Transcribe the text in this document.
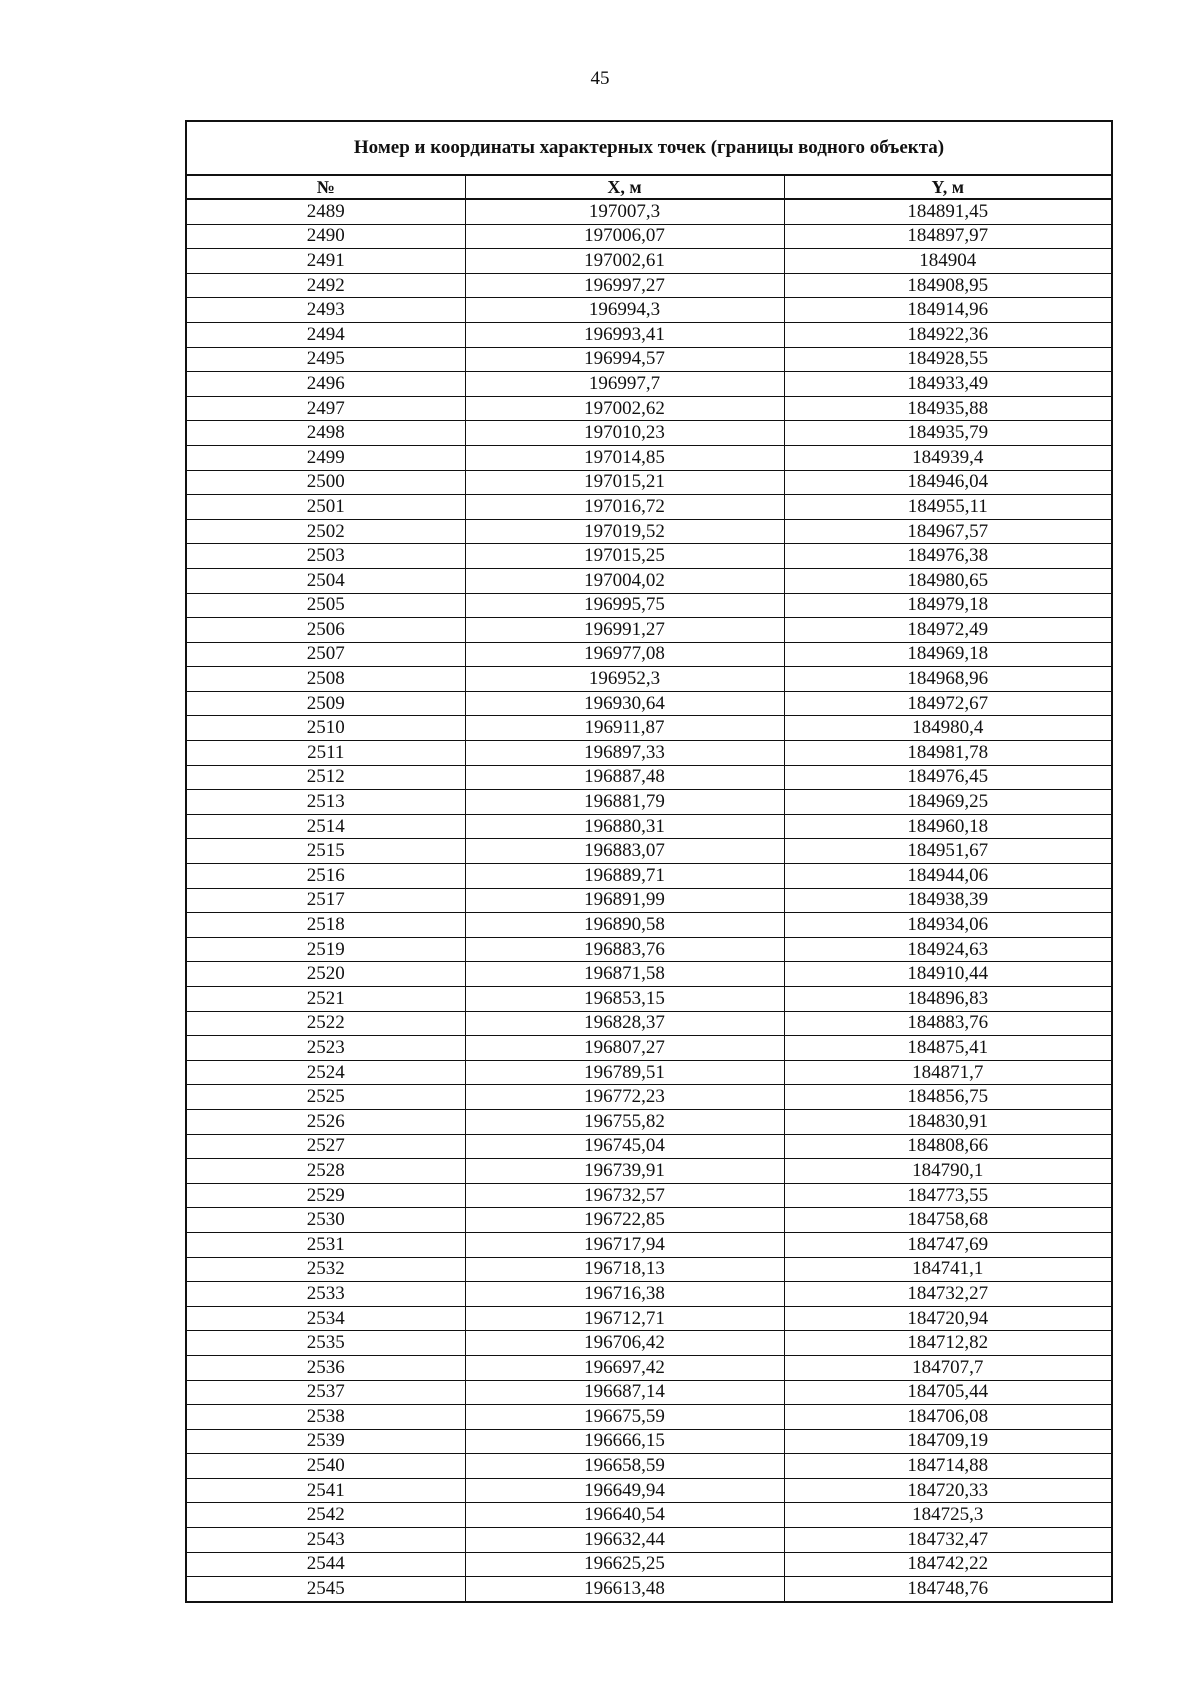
45
Номер и координаты характерных точек (границы водного объекта)		
№	X, м	Y, м
2489	197007,3	184891,45
2490	197006,07	184897,97
2491	197002,61	184904
2492	196997,27	184908,95
2493	196994,3	184914,96
2494	196993,41	184922,36
2495	196994,57	184928,55
2496	196997,7	184933,49
2497	197002,62	184935,88
2498	197010,23	184935,79
2499	197014,85	184939,4
2500	197015,21	184946,04
2501	197016,72	184955,11
2502	197019,52	184967,57
2503	197015,25	184976,38
2504	197004,02	184980,65
2505	196995,75	184979,18
2506	196991,27	184972,49
2507	196977,08	184969,18
2508	196952,3	184968,96
2509	196930,64	184972,67
2510	196911,87	184980,4
2511	196897,33	184981,78
2512	196887,48	184976,45
2513	196881,79	184969,25
2514	196880,31	184960,18
2515	196883,07	184951,67
2516	196889,71	184944,06
2517	196891,99	184938,39
2518	196890,58	184934,06
2519	196883,76	184924,63
2520	196871,58	184910,44
2521	196853,15	184896,83
2522	196828,37	184883,76
2523	196807,27	184875,41
2524	196789,51	184871,7
2525	196772,23	184856,75
2526	196755,82	184830,91
2527	196745,04	184808,66
2528	196739,91	184790,1
2529	196732,57	184773,55
2530	196722,85	184758,68
2531	196717,94	184747,69
2532	196718,13	184741,1
2533	196716,38	184732,27
2534	196712,71	184720,94
2535	196706,42	184712,82
2536	196697,42	184707,7
2537	196687,14	184705,44
2538	196675,59	184706,08
2539	196666,15	184709,19
2540	196658,59	184714,88
2541	196649,94	184720,33
2542	196640,54	184725,3
2543	196632,44	184732,47
2544	196625,25	184742,22
2545	196613,48	184748,76
